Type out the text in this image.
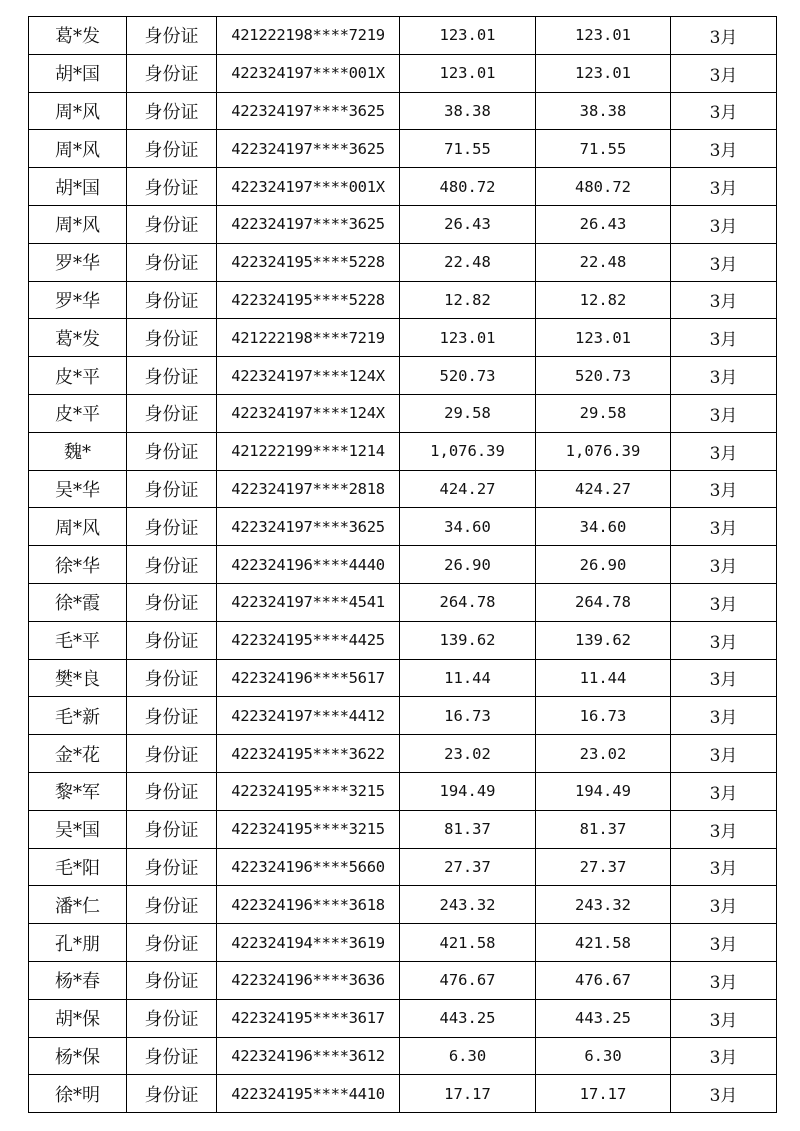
葛*发	身份证	421222198****7219	123.01	123.01	3月
胡*国	身份证	422324197****001X	123.01	123.01	3月
周*风	身份证	422324197****3625	38.38	38.38	3月
周*风	身份证	422324197****3625	71.55	71.55	3月
胡*国	身份证	422324197****001X	480.72	480.72	3月
周*风	身份证	422324197****3625	26.43	26.43	3月
罗*华	身份证	422324195****5228	22.48	22.48	3月
罗*华	身份证	422324195****5228	12.82	12.82	3月
葛*发	身份证	421222198****7219	123.01	123.01	3月
皮*平	身份证	422324197****124X	520.73	520.73	3月
皮*平	身份证	422324197****124X	29.58	29.58	3月
魏*	身份证	421222199****1214	1,076.39	1,076.39	3月
吴*华	身份证	422324197****2818	424.27	424.27	3月
周*风	身份证	422324197****3625	34.60	34.60	3月
徐*华	身份证	422324196****4440	26.90	26.90	3月
徐*霞	身份证	422324197****4541	264.78	264.78	3月
毛*平	身份证	422324195****4425	139.62	139.62	3月
樊*良	身份证	422324196****5617	11.44	11.44	3月
毛*新	身份证	422324197****4412	16.73	16.73	3月
金*花	身份证	422324195****3622	23.02	23.02	3月
黎*军	身份证	422324195****3215	194.49	194.49	3月
吴*国	身份证	422324195****3215	81.37	81.37	3月
毛*阳	身份证	422324196****5660	27.37	27.37	3月
潘*仁	身份证	422324196****3618	243.32	243.32	3月
孔*朋	身份证	422324194****3619	421.58	421.58	3月
杨*春	身份证	422324196****3636	476.67	476.67	3月
胡*保	身份证	422324195****3617	443.25	443.25	3月
杨*保	身份证	422324196****3612	6.30	6.30	3月
徐*明	身份证	422324195****4410	17.17	17.17	3月
